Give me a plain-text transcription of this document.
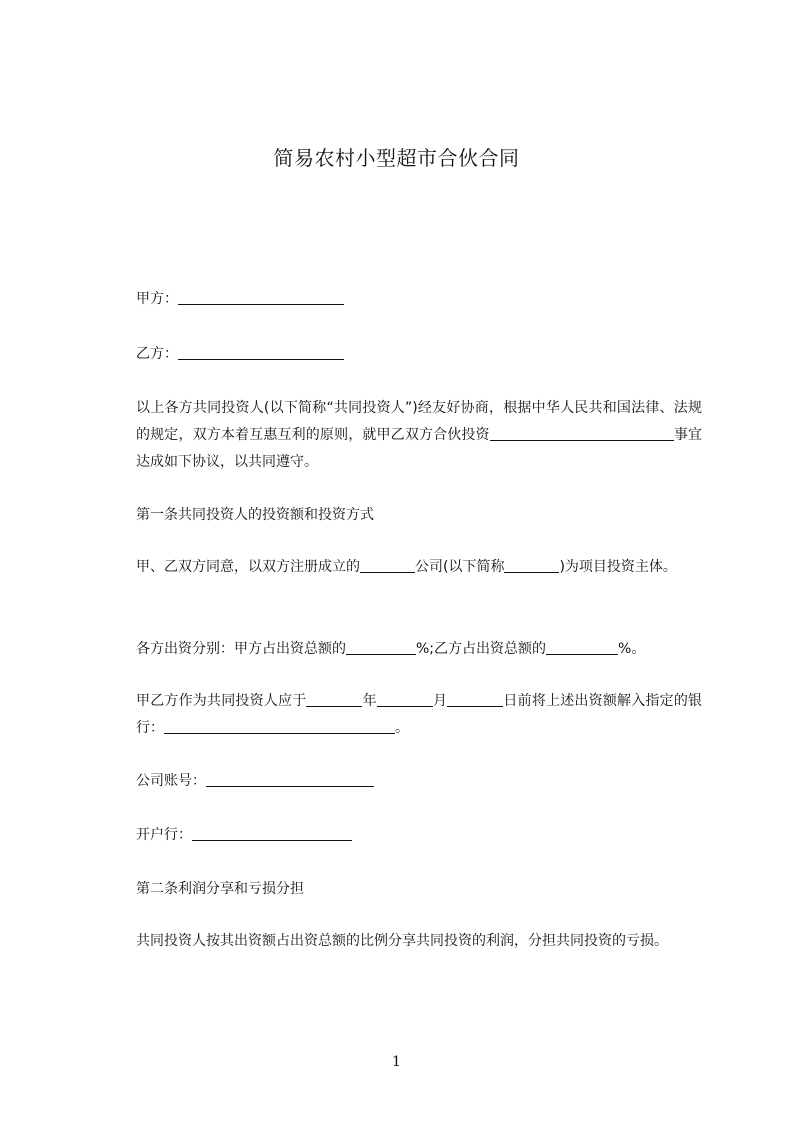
简易农村小型超市合伙合同

甲方：

乙方：

以上各方共同投资人(以下简称“共同投资人”)经友好协商，根据中华人民共和国法律、法规的规定，双方本着互惠互利的原则，就甲乙双方合伙投资	事宜达成如下协议，以共同遵守。

第一条共同投资人的投资额和投资方式

甲、乙双方同意，以双方注册成立的	公司(以下简称	)为项目投资主体。

各方出资分别：甲方占出资总额的	%;乙方占出资总额的	%。

甲乙方作为共同投资人应于	年	月	日前将上述出资额解入指定的银行：	。

公司账号：

开户行：

第二条利润分享和亏损分担

共同投资人按其出资额占出资总额的比例分享共同投资的利润，分担共同投资的亏损。

1
